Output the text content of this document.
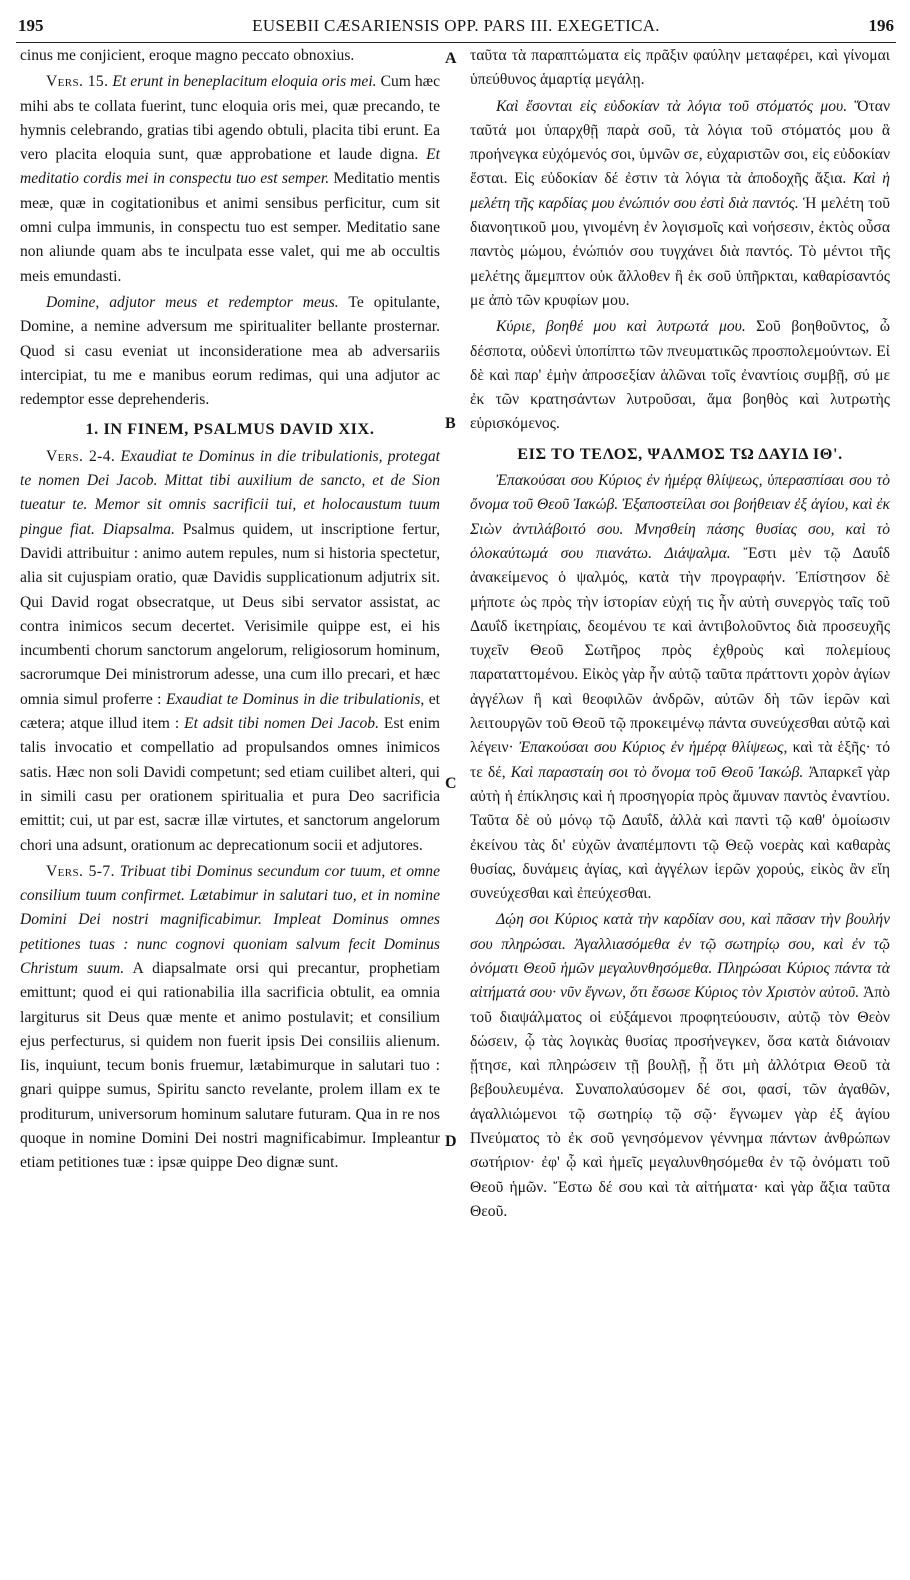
195	EUSEBII CÆSARIENSIS OPP. PARS III. EXEGETICA.	196
A
B
C
D

cinus me conjicient, eroque magno peccato obnoxius.

Vers. 15. Et erunt in beneplacitum eloquia oris mei. Cum hæc mihi abs te collata fuerint, tunc eloquia oris mei, quæ precando, te hymnis celebrando, gratias tibi agendo obtuli, placita tibi erunt. Ea vero placita eloquia sunt, quæ approbatione et laude digna. Et meditatio cordis mei in conspectu tuo est semper. Meditatio mentis meæ, quæ in cogitationibus et animi sensibus perficitur, cum sit omni culpa immunis, in conspectu tuo est semper. Meditatio sane non aliunde quam abs te inculpata esse valet, qui me ab occultis meis emundasti.

Domine, adjutor meus et redemptor meus. Te opitulante, Domine, a nemine adversum me spiritualiter bellante prosternar. Quod si casu eveniat ut inconsideratione mea ab adversariis intercipiat, tu me e manibus eorum redimas, qui una adjutor ac redemptor esse deprehenderis.

1. IN FINEM, PSALMUS DAVID XIX.

Vers. 2-4. Exaudiat te Dominus in die tribulationis, protegat te nomen Dei Jacob. Mittat tibi auxilium de sancto, et de Sion tueatur te. Memor sit omnis sacrificii tui, et holocaustum tuum pingue fiat. Diapsalma. Psalmus quidem, ut inscriptione fertur, Davidi attribuitur : animo autem repules, num si historia spectetur, alia sit cujuspiam oratio, quæ Davidis supplicationum adjutrix sit. Qui David rogat obsecratque, ut Deus sibi servator assistat, ac contra inimicos secum decertet. Verisimile quippe est, ei his incumbenti chorum sanctorum angelorum, religiosorum hominum, sacrorumque Dei ministrorum adesse, una cum illo precari, et hæc omnia simul proferre : Exaudiat te Dominus in die tribulationis, et cætera; atque illud item : Et adsit tibi nomen Dei Jacob. Est enim talis invocatio et compellatio ad propulsandos omnes inimicos satis. Hæc non soli Davidi competunt; sed etiam cuilibet alteri, qui in simili casu per orationem spiritualia et pura Deo sacrificia emittit; cui, ut par est, sacræ illæ virtutes, et sanctorum angelorum chori una adsunt, orationum ac deprecationum socii et adjutores.

Vers. 5-7. Tribuat tibi Dominus secundum cor tuum, et omne consilium tuum confirmet. Lætabimur in salutari tuo, et in nomine Domini Dei nostri magnificabimur. Impleat Dominus omnes petitiones tuas : nunc cognovi quoniam salvum fecit Dominus Christum suum. A diapsalmate orsi qui precantur, prophetiam emittunt; quod ei qui rationabilia illa sacrificia obtulit, ea omnia largiturus sit Deus quæ mente et animo postulavit; et consilium ejus perfecturus, si quidem non fuerit ipsis Dei consiliis alienum. Iis, inquiunt, tecum bonis fruemur, lætabimurque in salutari tuo : gnari quippe sumus, Spiritu sancto revelante, prolem illam ex te proditurum, universorum hominum salutare futuram. Qua in re nos quoque in nomine Domini Dei nostri magnificabimur. Impleantur etiam petitiones tuæ : ipsæ quippe Deo dignæ sunt.

ταῦτα τὰ παραπτώματα εἰς πρᾶξιν φαύλην μεταφέρει, καὶ γίνομαι ὑπεύθυνος ἁμαρτίᾳ μεγάλῃ.

Καὶ ἔσονται εἰς εὐδοκίαν τὰ λόγια τοῦ στόματός μου. Ὅταν ταῦτά μοι ὑπαρχθῇ παρὰ σοῦ, τὰ λόγια τοῦ στόματός μου ἃ προήνεγκα εὐχόμενός σοι, ὑμνῶν σε, εὐχαριστῶν σοι, εἰς εὐδοκίαν ἔσται. Εἰς εὐδοκίαν δέ ἐστιν τὰ λόγια τὰ ἀποδοχῆς ἄξια. Καὶ ἡ μελέτη τῆς καρδίας μου ἐνώπιόν σου ἐστὶ διὰ παντός. Ἡ μελέτη τοῦ διανοητικοῦ μου, γινομένη ἐν λογισμοῖς καὶ νοήσεσιν, ἐκτὸς οὖσα παντὸς μώμου, ἐνώπιόν σου τυγχάνει διὰ παντός. Τὸ μέντοι τῆς μελέτης ἄμεμπτον οὐκ ἄλλοθεν ἢ ἐκ σοῦ ὑπῆρκται, καθαρίσαντός με ἀπὸ τῶν κρυφίων μου.

Κύριε, βοηθέ μου καὶ λυτρωτά μου. Σοῦ βοηθοῦντος, ὦ δέσποτα, οὐδενὶ ὑποπίπτω τῶν πνευματικῶς προσπολεμούντων. Εἰ δὲ καὶ παρ' ἐμὴν ἀπροσεξίαν ἁλῶναι τοῖς ἐναντίοις συμβῇ, σύ με ἐκ τῶν κρατησάντων λυτροῦσαι, ἅμα βοηθὸς καὶ λυτρωτὴς εὑρισκόμενος.

ΕΙΣ ΤΟ ΤΕΛΟΣ, ΨΑΛΜΟΣ ΤΩ ΔΑΥΙΔ ΙΘ'.

Ἐπακούσαι σου Κύριος ἐν ἡμέρᾳ θλίψεως, ὑπερασπίσαι σου τὸ ὄνομα τοῦ Θεοῦ Ἰακώβ. Ἐξαποστείλαι σοι βοήθειαν ἐξ ἁγίου, καὶ ἐκ Σιὼν ἀντιλάβοιτό σου. Μνησθείη πάσης θυσίας σου, καὶ τὸ ὁλοκαύτωμά σου πιανάτω. Διάψαλμα. Ἔστι μὲν τῷ Δαυΐδ ἀνακείμενος ὁ ψαλμός, κατὰ τὴν προγραφήν. Ἐπίστησον δὲ μήποτε ὡς πρὸς τὴν ἱστορίαν εὐχή τις ἦν αὐτὴ συνεργὸς ταῖς τοῦ Δαυΐδ ἱκετηρίαις, δεομένου τε καὶ ἀντιβολοῦντος διὰ προσευχῆς τυχεῖν Θεοῦ Σωτῆρος πρὸς ἐχθροὺς καὶ πολεμίους παραταττομένου. Εἰκὸς γὰρ ἦν αὐτῷ ταῦτα πράττοντι χορὸν ἁγίων ἀγγέλων ἢ καὶ θεοφιλῶν ἀνδρῶν, αὐτῶν δὴ τῶν ἱερῶν καὶ λειτουργῶν τοῦ Θεοῦ τῷ προκειμένῳ πάντα συνεύχεσθαι αὐτῷ καὶ λέγειν· Ἐπακούσαι σου Κύριος ἐν ἡμέρᾳ θλίψεως, καὶ τὰ ἑξῆς· τό τε δέ, Καὶ παρασταίη σοι τὸ ὄνομα τοῦ Θεοῦ Ἰακώβ. Ἀπαρκεῖ γὰρ αὐτὴ ἡ ἐπίκλησις καὶ ἡ προσηγορία πρὸς ἄμυναν παντὸς ἐναντίου. Ταῦτα δὲ οὐ μόνῳ τῷ Δαυΐδ, ἀλλὰ καὶ παντὶ τῷ καθ' ὁμοίωσιν ἐκείνου τὰς δι' εὐχῶν ἀναπέμποντι τῷ Θεῷ νοερὰς καὶ καθαρὰς θυσίας, δυνάμεις ἁγίας, καὶ ἀγγέλων ἱερῶν χορούς, εἰκὸς ἂν εἴη συνεύχεσθαι καὶ ἐπεύχεσθαι.

Δῴη σοι Κύριος κατὰ τὴν καρδίαν σου, καὶ πᾶσαν τὴν βουλήν σου πληρώσαι. Ἀγαλλιασόμεθα ἐν τῷ σωτηρίῳ σου, καὶ ἐν τῷ ὀνόματι Θεοῦ ἡμῶν μεγαλυνθησόμεθα. Πληρώσαι Κύριος πάντα τὰ αἰτήματά σου· νῦν ἔγνων, ὅτι ἔσωσε Κύριος τὸν Χριστὸν αὐτοῦ. Ἀπὸ τοῦ διαψάλματος οἱ εὐξάμενοι προφητεύουσιν, αὐτῷ τὸν Θεὸν δώσειν, ᾧ τὰς λογικὰς θυσίας προσήνεγκεν, ὅσα κατὰ διάνοιαν ᾔτησε, καὶ πληρώσειν τῇ βουλῇ, ᾗ ὅτι μὴ ἀλλότρια Θεοῦ τὰ βεβουλευμένα. Συναπολαύσομεν δέ σοι, φασί, τῶν ἀγαθῶν, ἀγαλλιώμενοι τῷ σωτηρίῳ τῷ σῷ· ἔγνωμεν γὰρ ἐξ ἁγίου Πνεύματος τὸ ἐκ σοῦ γενησόμενον γέννημα πάντων ἀνθρώπων σωτήριον· ἐφ' ᾧ καὶ ἡμεῖς μεγαλυνθησόμεθα ἐν τῷ ὀνόματι τοῦ Θεοῦ ἡμῶν. Ἔστω δέ σου καὶ τὰ αἰτήματα· καὶ γὰρ ἄξια ταῦτα Θεοῦ.
